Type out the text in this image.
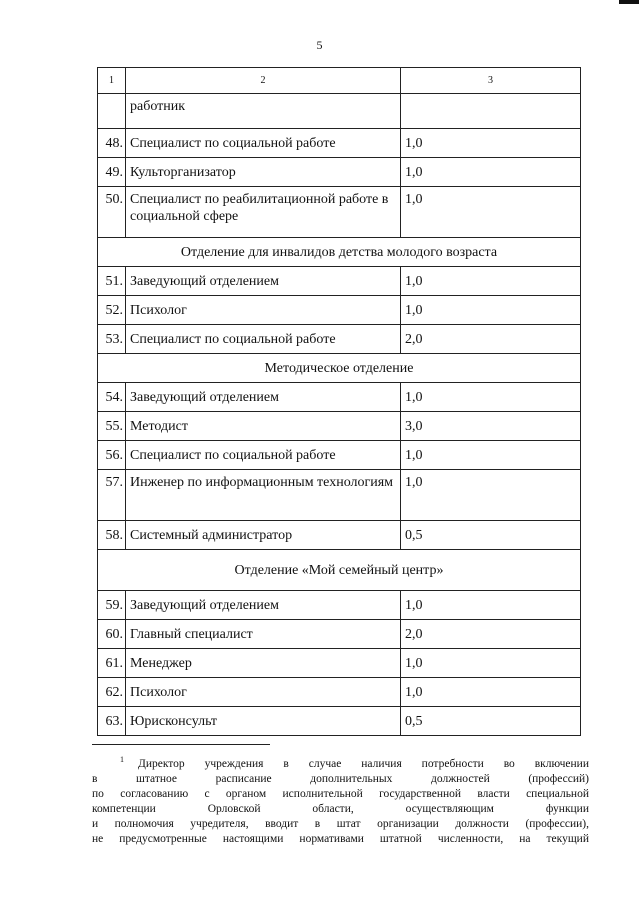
5
1	2	3
	работник	
48.	Специалист по социальной работе	1,0
49.	Культорганизатор	1,0
50.	Специалист по реабилитационной работе в социальной сфере	1,0
Отделение для инвалидов детства молодого возраста		
51.	Заведующий отделением	1,0
52.	Психолог	1,0
53.	Специалист по социальной работе	2,0
Методическое отделение		
54.	Заведующий отделением	1,0
55.	Методист	3,0
56.	Специалист по социальной работе	1,0
57.	Инженер по информационным технологиям	1,0
58.	Системный администратор	0,5
Отделение «Мой семейный центр»		
59.	Заведующий отделением	1,0
60.	Главный специалист	2,0
61.	Менеджер	1,0
62.	Психолог	1,0
63.	Юрисконсульт	0,5
$^1$ Директор учреждения в случае наличия потребности во включении
в штатное расписание дополнительных должностей (профессий)
по согласованию с органом исполнительной государственной власти специальной
компетенции Орловской области, осуществляющим функции
и полномочия учредителя, вводит в штат организации должности (профессии),
не предусмотренные настоящими нормативами штатной численности, на текущий
